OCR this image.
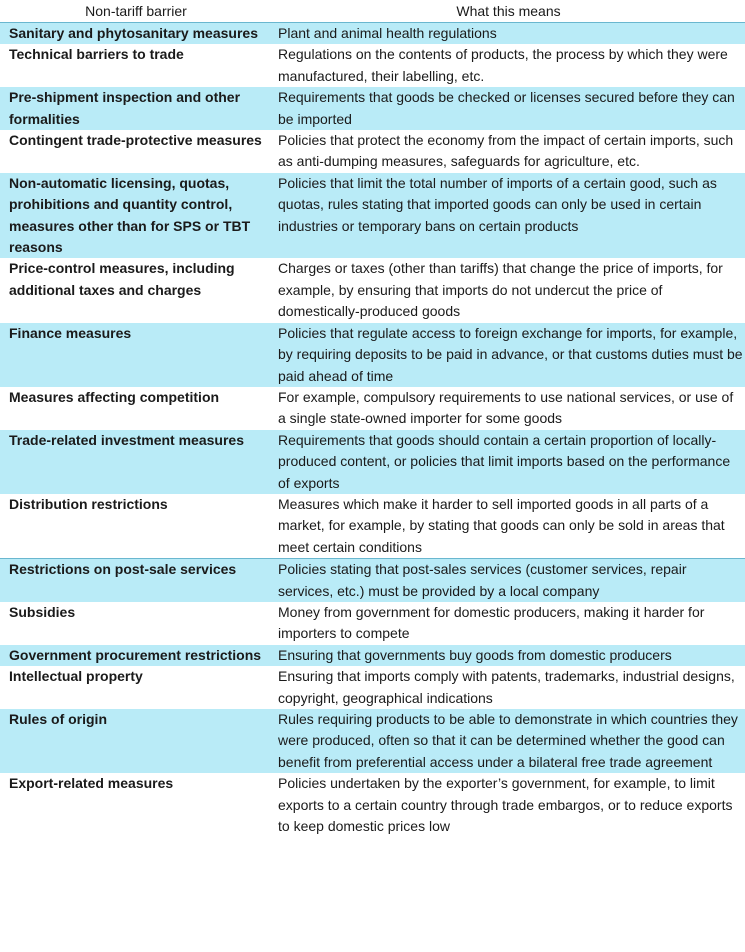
Non-tariff barrier	What this means
Sanitary and phytosanitary measures	Plant and animal health regulations
Technical barriers to trade	Regulations on the contents of products, the process by which they were manufactured, their labelling, etc.
Pre-shipment inspection and other formalities	Requirements that goods be checked or licenses secured before they can be imported
Contingent trade-protective measures	Policies that protect the economy from the impact of certain imports, such as anti-dumping measures, safeguards for agriculture, etc.
Non-automatic licensing, quotas, prohibitions and quantity control, measures other than for SPS or TBT reasons	Policies that limit the total number of imports of a certain good, such as quotas, rules stating that imported goods can only be used in certain industries or temporary bans on certain products
Price-control measures, including additional taxes and charges	Charges or taxes (other than tariffs) that change the price of imports, for example, by ensuring that imports do not undercut the price of domestically-produced goods
Finance measures	Policies that regulate access to foreign exchange for imports, for example, by requiring deposits to be paid in advance, or that customs duties must be paid ahead of time
Measures affecting competition	For example, compulsory requirements to use national services, or use of a single state-owned importer for some goods
Trade-related investment measures	Requirements that goods should contain a certain proportion of locally-produced content, or policies that limit imports based on the performance of exports
Distribution restrictions	Measures which make it harder to sell imported goods in all parts of a market, for example, by stating that goods can only be sold in areas that meet certain conditions
Restrictions on post-sale services	Policies stating that post-sales services (customer services, repair services, etc.) must be provided by a local company
Subsidies	Money from government for domestic producers, making it harder for importers to compete
Government procurement restrictions	Ensuring that governments buy goods from domestic producers
Intellectual property	Ensuring that imports comply with patents, trademarks, industrial designs, copyright, geographical indications
Rules of origin	Rules requiring products to be able to demonstrate in which countries they were produced, often so that it can be determined whether the good can benefit from preferential access under a bilateral free trade agreement
Export-related measures	Policies undertaken by the exporter’s government, for example, to limit exports to a certain country through trade embargos, or to reduce exports to keep domestic prices low
